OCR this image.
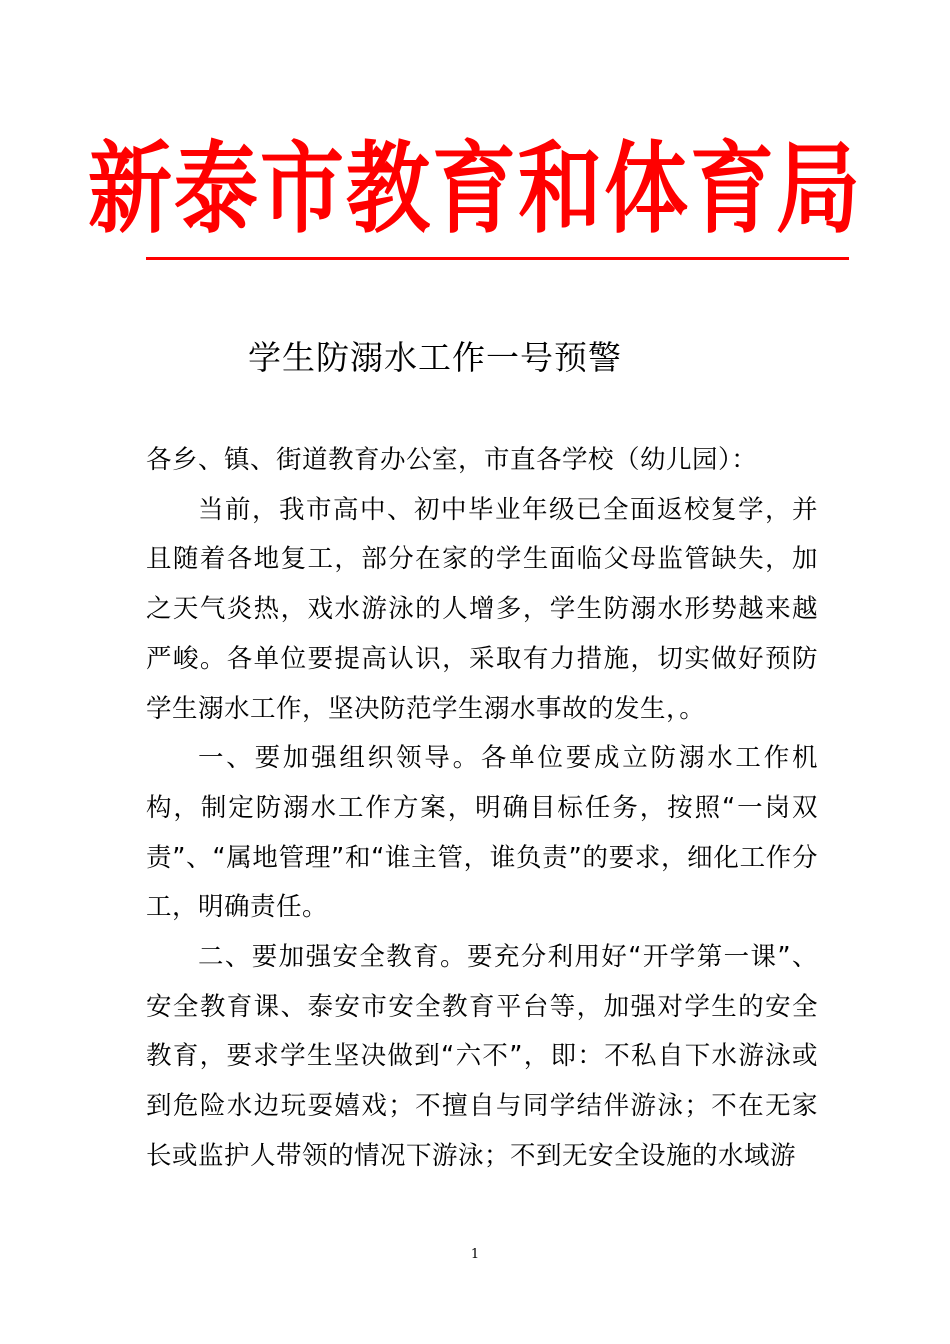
新泰市教育和体育局
学生防溺水工作一号预警

各乡、镇、街道教育办公室，市直各学校（幼儿园）：

当前，我市高中、初中毕业年级已全面返校复学，并且随着各地复工，部分在家的学生面临父母监管缺失，加之天气炎热，戏水游泳的人增多，学生防溺水形势越来越严峻。各单位要提高认识，采取有力措施，切实做好预防学生溺水工作，坚决防范学生溺水事故的发生，。

一、要加强组织领导。各单位要成立防溺水工作机构，制定防溺水工作方案，明确目标任务，按照“一岗双责”、“属地管理”和“谁主管，谁负责”的要求，细化工作分工，明确责任。

二、要加强安全教育。要充分利用好“开学第一课”、安全教育课、泰安市安全教育平台等，加强对学生的安全教育，要求学生坚决做到“六不”，即：不私自下水游泳或到危险水边玩耍嬉戏；不擅自与同学结伴游泳；不在无家长或监护人带领的情况下游泳；不到无安全设施的水域游

1
